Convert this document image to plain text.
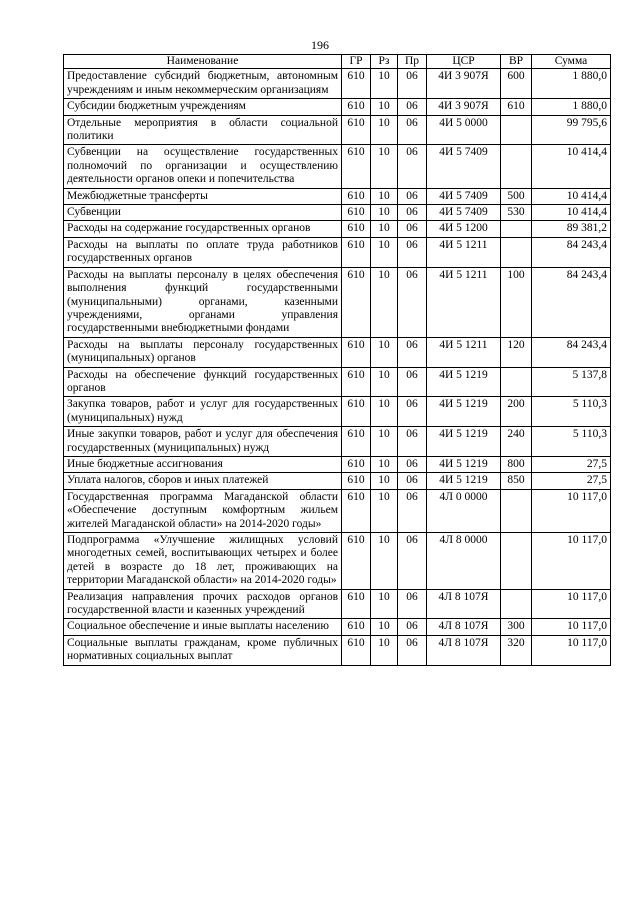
196
Наименование	ГР	Рз	Пр	ЦСР	ВР	Сумма
Предоставление субсидий бюджетным, автономным учреждениям и иным некоммерческим организациям	610	10	06	4И 3 907Я	600	1 880,0
Субсидии бюджетным учреждениям	610	10	06	4И 3 907Я	610	1 880,0
Отдельные мероприятия в области социальной политики	610	10	06	4И 5 0000		99 795,6
Субвенции на осуществление государственных полномочий по организации и осуществлению деятельности органов опеки и попечительства	610	10	06	4И 5 7409		10 414,4
Межбюджетные трансферты	610	10	06	4И 5 7409	500	10 414,4
Субвенции	610	10	06	4И 5 7409	530	10 414,4
Расходы на содержание государственных органов	610	10	06	4И 5 1200		89 381,2
Расходы на выплаты по оплате труда работников государственных органов	610	10	06	4И 5 1211		84 243,4
Расходы на выплаты персоналу в целях обеспечения выполнения функций государственными (муниципальными) органами, казенными учреждениями, органами управления государственными внебюджетными фондами	610	10	06	4И 5 1211	100	84 243,4
Расходы на выплаты персоналу государственных (муниципальных) органов	610	10	06	4И 5 1211	120	84 243,4
Расходы на обеспечение функций государственных органов	610	10	06	4И 5 1219		5 137,8
Закупка товаров, работ и услуг для государственных (муниципальных) нужд	610	10	06	4И 5 1219	200	5 110,3
Иные закупки товаров, работ и услуг для обеспечения государственных (муниципальных) нужд	610	10	06	4И 5 1219	240	5 110,3
Иные бюджетные ассигнования	610	10	06	4И 5 1219	800	27,5
Уплата налогов, сборов и иных платежей	610	10	06	4И 5 1219	850	27,5
Государственная программа Магаданской области «Обеспечение доступным комфортным жильем жителей Магаданской области» на 2014-2020 годы»	610	10	06	4Л 0 0000		10 117,0
Подпрограмма «Улучшение жилищных условий многодетных семей, воспитывающих четырех и более детей в возрасте до 18 лет, проживающих на территории Магаданской области» на 2014-2020 годы»	610	10	06	4Л 8 0000		10 117,0
Реализация направления прочих расходов органов государственной власти и казенных учреждений	610	10	06	4Л 8 107Я		10 117,0
Социальное обеспечение и иные выплаты населению	610	10	06	4Л 8 107Я	300	10 117,0
Социальные выплаты гражданам, кроме публичных нормативных социальных выплат	610	10	06	4Л 8 107Я	320	10 117,0
